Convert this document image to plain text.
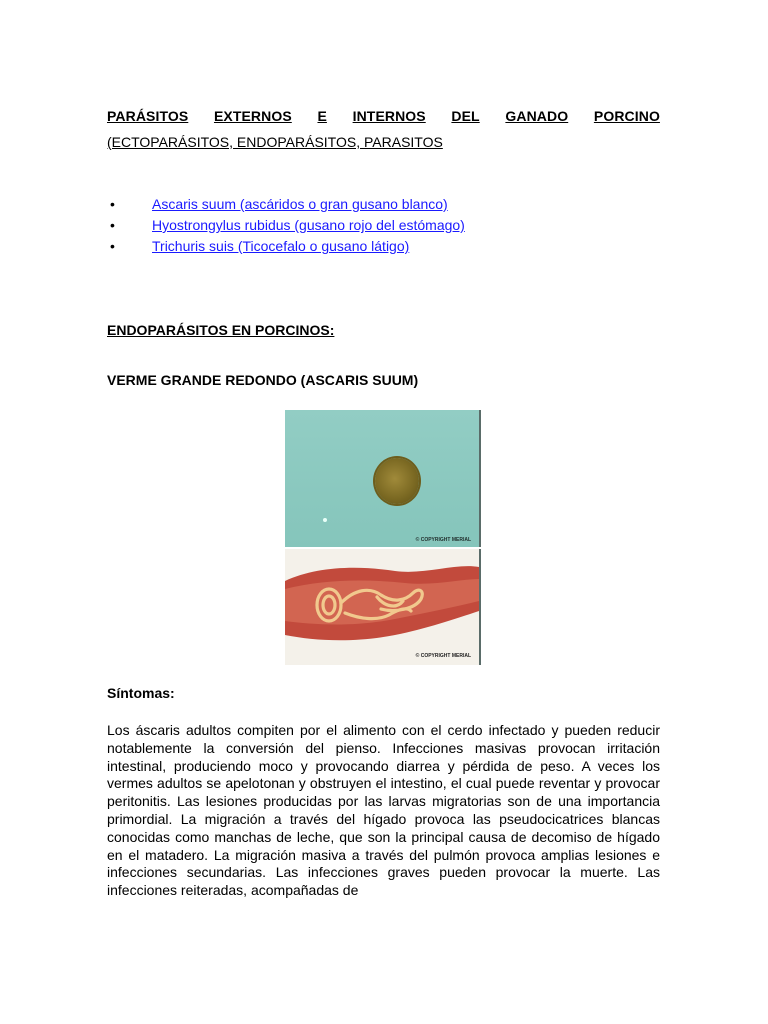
PARÁSITOS EXTERNOS E INTERNOS DEL GANADO PORCINO
(ECTOPARÁSITOS, ENDOPARÁSITOS, PARASITOS
•	Ascaris suum (ascáridos o gran gusano blanco)
•	Hyostrongylus rubidus (gusano rojo del estómago)
•	Trichuris suis (Ticocefalo o gusano látigo)
ENDOPARÁSITOS EN PORCINOS:
VERME GRANDE REDONDO (ASCARIS SUUM)
© COPYRIGHT MERIAL
© COPYRIGHT MERIAL
Síntomas:

Los áscaris adultos compiten por el alimento con el cerdo infectado y pueden reducir notablemente la conversión del pienso. Infecciones masivas provocan irritación intestinal, produciendo moco y provocando diarrea y pérdida de peso. A veces los vermes adultos se apelotonan y obstruyen el intestino, el cual puede reventar y provocar peritonitis. Las lesiones producidas por las larvas migratorias son de una importancia primordial. La migración a través del hígado provoca las pseudocicatrices blancas conocidas como manchas de leche, que son la principal causa de decomiso de hígado en el matadero. La migración masiva a través del pulmón provoca amplias lesiones e infecciones secundarias. Las infecciones graves pueden provocar la muerte. Las infecciones reiteradas, acompañadas de
